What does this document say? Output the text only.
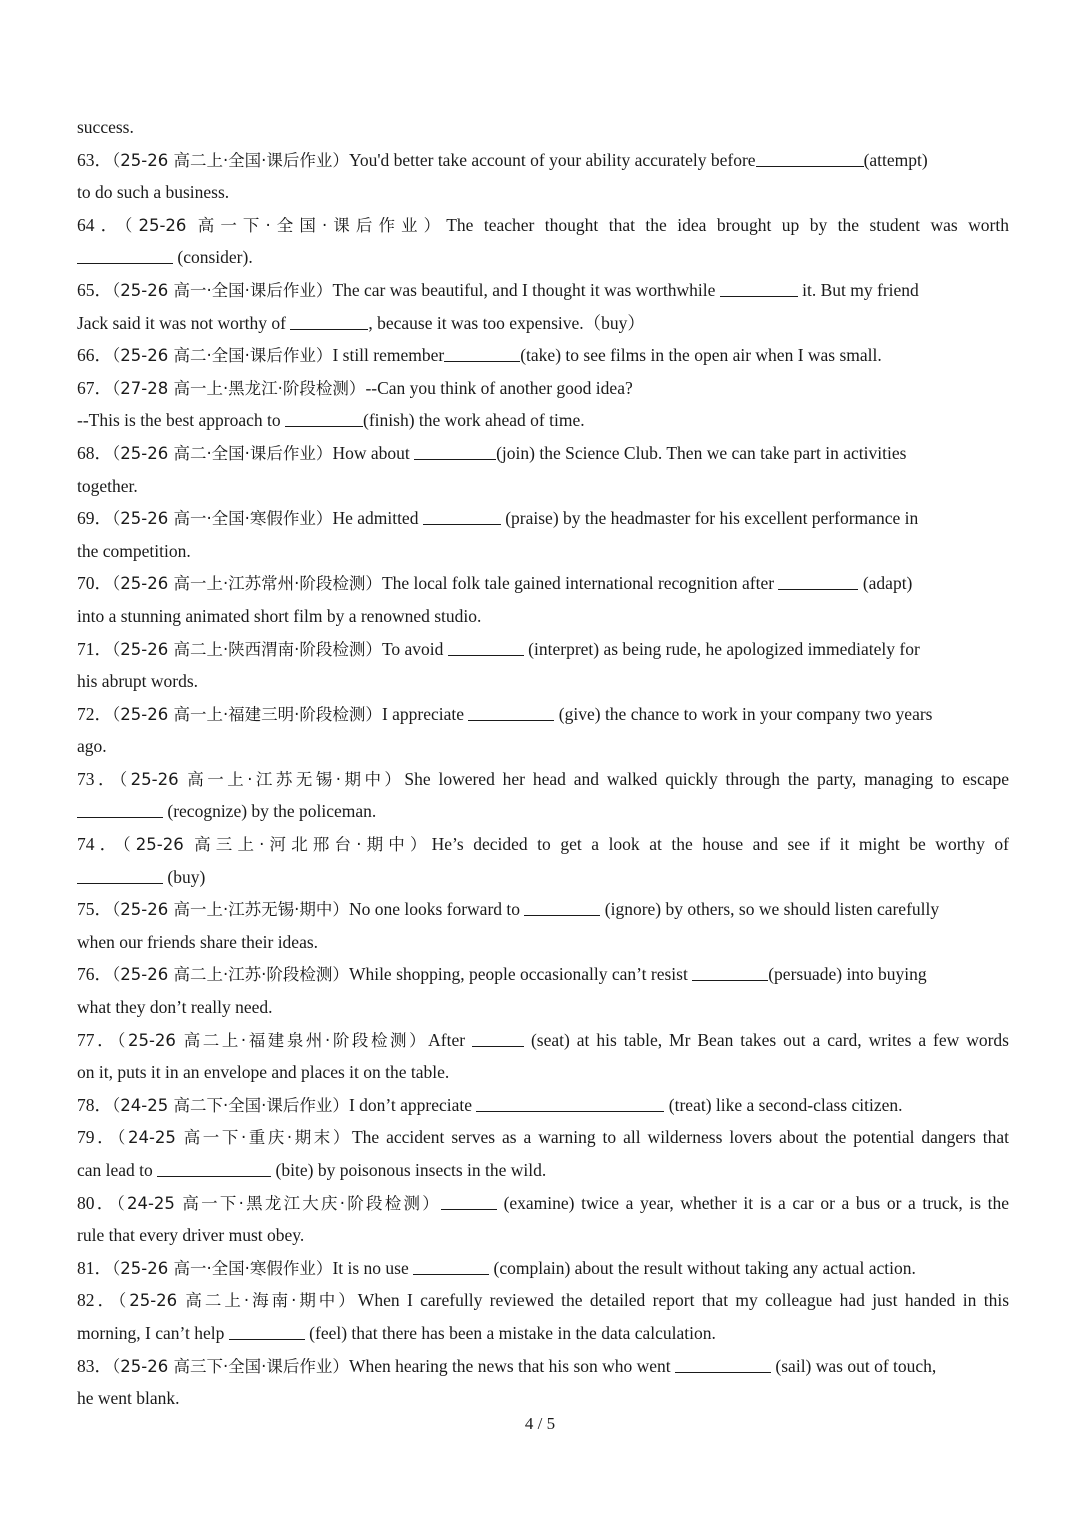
success.
63．（25-26 高二上·全国·课后作业）You'd better take account of your ability accurately before	(attempt)
to do such a business.
64．（25-26 高一下·全国·课后作业）The teacher thought that the idea brought up by the student was worth
(consider).
65．（25-26 高一·全国·课后作业）The car was beautiful, and I thought it was worthwhile	it. But my friend
Jack said it was not worthy of	, because it was too expensive.（buy）
66．（25-26 高二·全国·课后作业）I still remember	(take) to see films in the open air when I was small.
67．（27-28 高一上·黑龙江·阶段检测）--Can you think of another good idea?
--This is the best approach to	(finish) the work ahead of time.
68．（25-26 高二·全国·课后作业）How about	(join) the Science Club. Then we can take part in activities
together.
69．（25-26 高一·全国·寒假作业）He admitted	(praise) by the headmaster for his excellent performance in
the competition.
70．（25-26 高一上·江苏常州·阶段检测）The local folk tale gained international recognition after	(adapt)
into a stunning animated short film by a renowned studio.
71．（25-26 高二上·陕西渭南·阶段检测）To avoid	(interpret) as being rude, he apologized immediately for
his abrupt words.
72．（25-26 高一上·福建三明·阶段检测）I appreciate	(give) the chance to work in your company two years
ago.
73．（25-26 高一上·江苏无锡·期中）She lowered her head and walked quickly through the party, managing to escape
(recognize) by the policeman.
74．（25-26 高三上·河北邢台·期中）He’s decided to get a look at the house and see if it might be worthy of
(buy)
75．（25-26 高一上·江苏无锡·期中）No one looks forward to	(ignore) by others, so we should listen carefully
when our friends share their ideas.
76．（25-26 高二上·江苏·阶段检测）While shopping, people occasionally can’t resist	(persuade) into buying
what they don’t really need.
77．（25-26 高二上·福建泉州·阶段检测）After	(seat) at his table, Mr Bean takes out a card, writes a few words
on it, puts it in an envelope and places it on the table.
78．（24-25 高二下·全国·课后作业）I don’t appreciate	(treat) like a second-class citizen.
79．（24-25 高一下·重庆·期末）The accident serves as a warning to all wilderness lovers about the potential dangers that
can lead to	(bite) by poisonous insects in the wild.
80．（24-25 高一下·黑龙江大庆·阶段检测）	(examine) twice a year, whether it is a car or a bus or a truck, is the
rule that every driver must obey.
81．（25-26 高一·全国·寒假作业）It is no use	(complain) about the result without taking any actual action.
82．（25-26 高二上·海南·期中）When I carefully reviewed the detailed report that my colleague had just handed in this
morning, I can’t help	(feel) that there has been a mistake in the data calculation.
83．（25-26 高三下·全国·课后作业）When hearing the news that his son who went	(sail) was out of touch,
he went blank.
4 / 5
